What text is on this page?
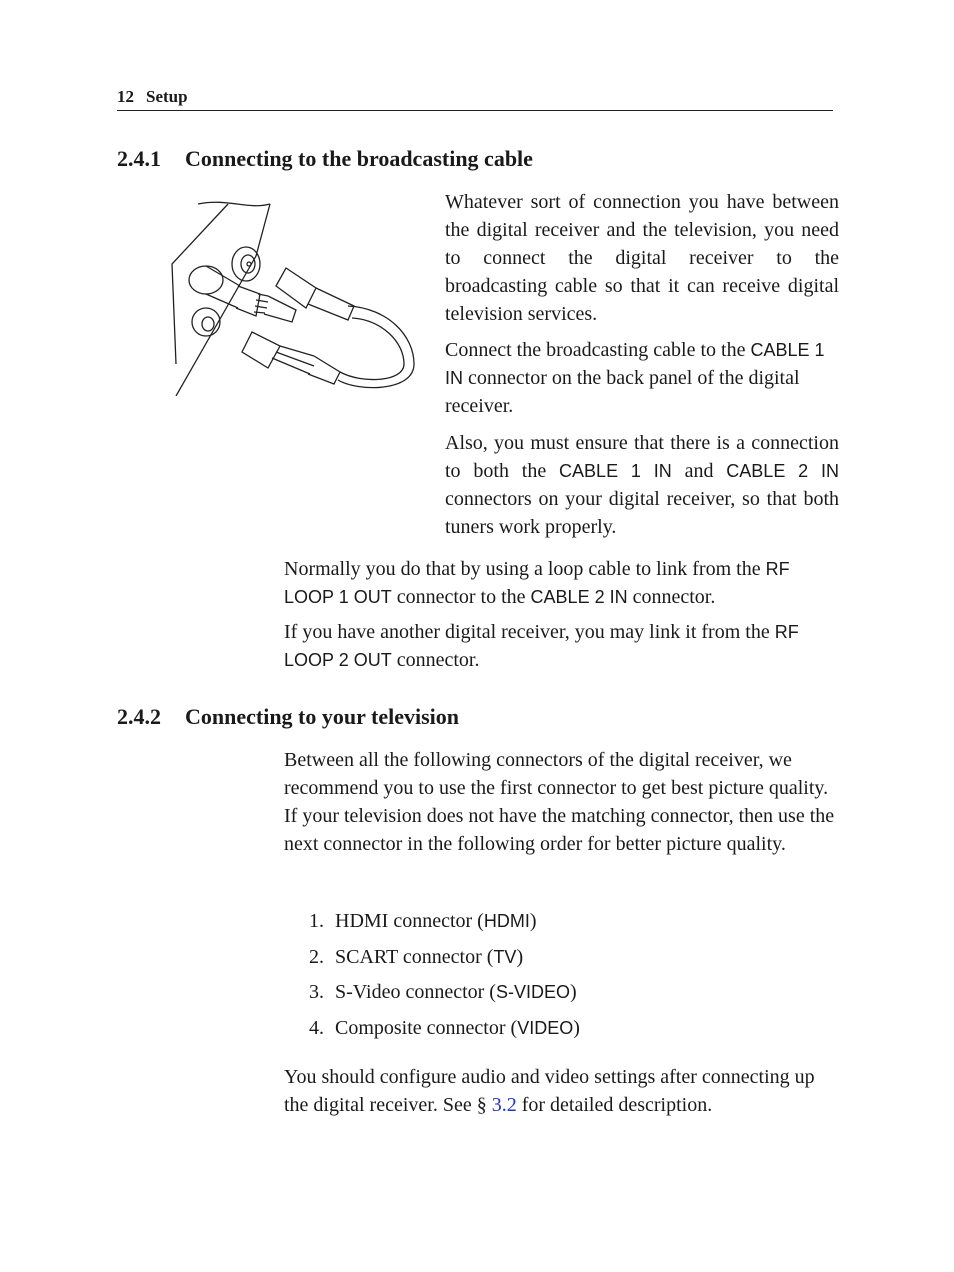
12 Setup
2.4.1 Connecting to the broadcasting cable

Whatever sort of connection you have between the digital receiver and the television, you need to connect the digital receiver to the broadcasting cable so that it can receive digital television services.

Connect the broadcasting cable to the CABLE 1 IN connector on the back panel of the digital receiver.

Also, you must ensure that there is a connection to both the CABLE 1 IN and CABLE 2 IN connectors on your digital receiver, so that both tuners work properly.

Normally you do that by using a loop cable to link from the RF LOOP 1 OUT connector to the CABLE 2 IN connector.

If you have another digital receiver, you may link it from the RF LOOP 2 OUT connector.

2.4.2 Connecting to your television

Between all the following connectors of the digital receiver, we recommend you to use the first connector to get best picture quality. If your television does not have the matching connector, then use the next connector in the following order for better picture quality.

1. HDMI connector (HDMI)
2. SCART connector (TV)
3. S-Video connector (S-VIDEO)
4. Composite connector (VIDEO)

You should configure audio and video settings after connecting up the digital receiver. See § 3.2 for detailed description.
